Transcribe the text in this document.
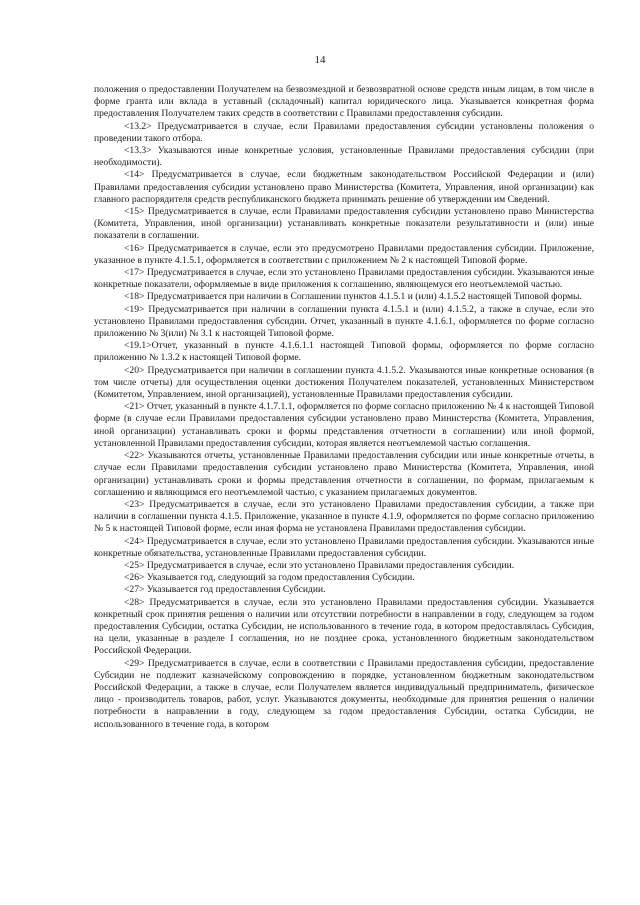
14

положения о предоставлении Получателем на безвозмездной и безвозвратной основе средств иным лицам, в том числе в форме гранта или вклада в уставный (складочный) капитал юридического лица. Указывается конкретная форма предоставления Получателем таких средств в соответствии с Правилами предоставления субсидии.

<13.2> Предусматривается в случае, если Правилами предоставления субсидии установлены положения о проведении такого отбора.

<13.3> Указываются иные конкретные условия, установленные Правилами предоставления субсидии (при необходимости).

<14> Предусматривается в случае, если бюджетным законодательством Российской Федерации и (или) Правилами предоставления субсидии установлено право Министерства (Комитета, Управления, иной организации) как главного распорядителя средств республиканского бюджета принимать решение об утверждении им Сведений.

<15> Предусматривается в случае, если Правилами предоставления субсидии установлено право Министерства (Комитета, Управления, иной организации) устанавливать конкретные показатели результативности и (или) иные показатели в соглашении.

<16> Предусматривается в случае, если это предусмотрено Правилами предоставления субсидии. Приложение, указанное в пункте 4.1.5.1, оформляется в соответствии с приложением № 2 к настоящей Типовой форме.

<17> Предусматривается в случае, если это установлено Правилами предоставления субсидии. Указываются иные конкретные показатели, оформляемые в виде приложения к соглашению, являющемуся его неотъемлемой частью.

<18> Предусматривается при наличии в Соглашении пунктов 4.1.5.1 и (или) 4.1.5.2 настоящей Типовой формы.

<19> Предусматривается при наличии в соглашении пункта 4.1.5.1 и (или) 4.1.5.2, а также в случае, если это установлено Правилами предоставления субсидии. Отчет, указанный в пункте 4.1.6.1, оформляется по форме согласно приложению № 3(или) № 3.1 к настоящей Типовой форме.

<19.1>Отчет, указанный в пункте 4.1.6.1.1 настоящей Типовой формы, оформляется по форме согласно приложению № 1.3.2 к настоящей Типовой форме.

<20> Предусматривается при наличии в соглашении пункта 4.1.5.2. Указываются иные конкретные основания (в том числе отчеты) для осуществления оценки достижения Получателем показателей, установленных Министерством (Комитетом, Управлением, иной организацией), установленные Правилами предоставления субсидии.

<21> Отчет, указанный в пункте 4.1.7.1.1, оформляется по форме согласно приложению № 4 к настоящей Типовой форме (в случае если Правилами предоставления субсидии установлено право Министерства (Комитета, Управления, иной организации) устанавливать сроки и формы представления отчетности в соглашении) или иной формой, установленной Правилами предоставления субсидии, которая является неотъемлемой частью соглашения.

<22> Указываются отчеты, установленные Правилами предоставления субсидии или иные конкретные отчеты, в случае если Правилами предоставления субсидии установлено право Министерства (Комитета, Управления, иной организации) устанавливать сроки и формы представления отчетности в соглашении, по формам, прилагаемым к соглашению и являющимся его неотъемлемой частью, с указанием прилагаемых документов.

<23> Предусматривается в случае, если это установлено Правилами предоставления субсидии, а также при наличии в соглашении пункта 4.1.5. Приложение, указанное в пункте 4.1.9, оформляется по форме согласно приложению № 5 к настоящей Типовой форме, если иная форма не установлена Правилами предоставления субсидии.

<24> Предусматривается в случае, если это установлено Правилами предоставления субсидии. Указываются иные конкретные обязательства, установленные Правилами предоставления субсидии.

<25> Предусматривается в случае, если это установлено Правилами предоставления субсидии.

<26> Указывается год, следующий за годом предоставления Субсидии.

<27> Указывается год предоставления Субсидии.

<28> Предусматривается в случае, если это установлено Правилами предоставления субсидии. Указывается конкретный срок принятия решения о наличии или отсутствии потребности в направлении в году, следующем за годом предоставления Субсидии, остатка Субсидии, не использованного в течение года, в котором предоставлялась Субсидия, на цели, указанные в разделе I соглашения, но не позднее срока, установленного бюджетным законодательством Российской Федерации.

<29> Предусматривается в случае, если в соответствии с Правилами предоставления субсидии, предоставление Субсидии не подлежит казначейскому сопровождению в порядке, установленном бюджетным законодательством Российской Федерации, а также в случае, если Получателем является индивидуальный предприниматель, физическое лицо - производитель товаров, работ, услуг. Указываются документы, необходимые для принятия решения о наличии потребности в направлении в году, следующем за годом предоставления Субсидии, остатка Субсидии, не использованного в течение года, в котором
